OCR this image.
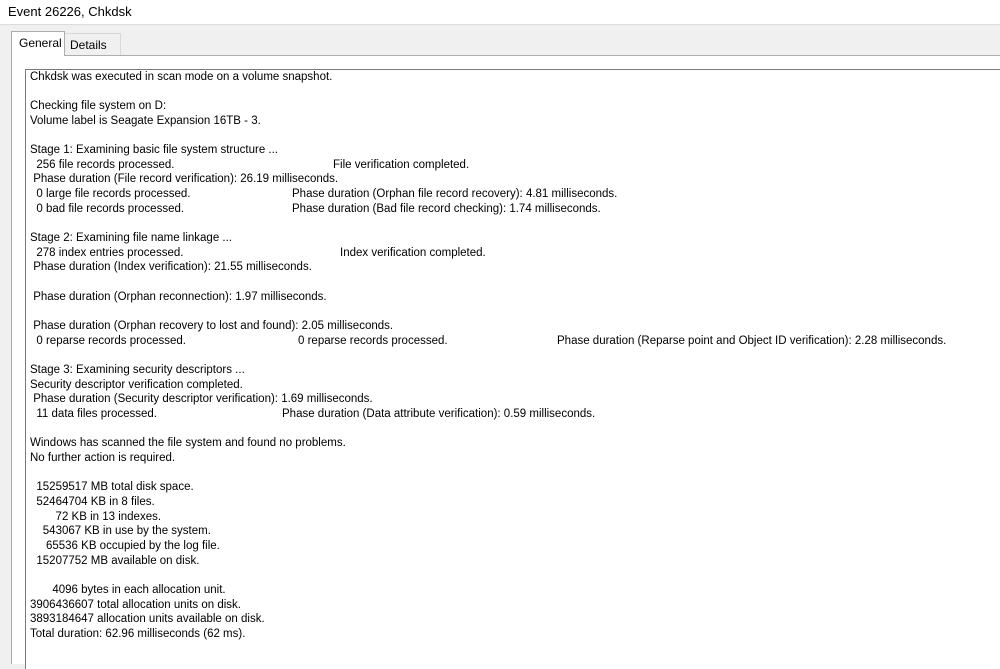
Event 26226, Chkdsk
General Details
Chkdsk was executed in scan mode on a volume snapshot.
Checking file system on D:
Volume label is Seagate Expansion 16TB - 3.
Stage 1: Examining basic file system structure ...
256 file records processed.	File verification completed.
Phase duration (File record verification): 26.19 milliseconds.
0 large file records processed.	Phase duration (Orphan file record recovery): 4.81 milliseconds.
0 bad file records processed.	Phase duration (Bad file record checking): 1.74 milliseconds.
Stage 2: Examining file name linkage ...
278 index entries processed.	Index verification completed.
Phase duration (Index verification): 21.55 milliseconds.
Phase duration (Orphan reconnection): 1.97 milliseconds.
Phase duration (Orphan recovery to lost and found): 2.05 milliseconds.
0 reparse records processed.	0 reparse records processed.	Phase duration (Reparse point and Object ID verification): 2.28 milliseconds.
Stage 3: Examining security descriptors ...
Security descriptor verification completed.
Phase duration (Security descriptor verification): 1.69 milliseconds.
11 data files processed.	Phase duration (Data attribute verification): 0.59 milliseconds.
Windows has scanned the file system and found no problems.
No further action is required.
15259517 MB total disk space.
52464704 KB in 8 files.
72 KB in 13 indexes.
543067 KB in use by the system.
65536 KB occupied by the log file.
15207752 MB available on disk.
4096 bytes in each allocation unit.
3906436607 total allocation units on disk.
3893184647 allocation units available on disk.
Total duration: 62.96 milliseconds (62 ms).
